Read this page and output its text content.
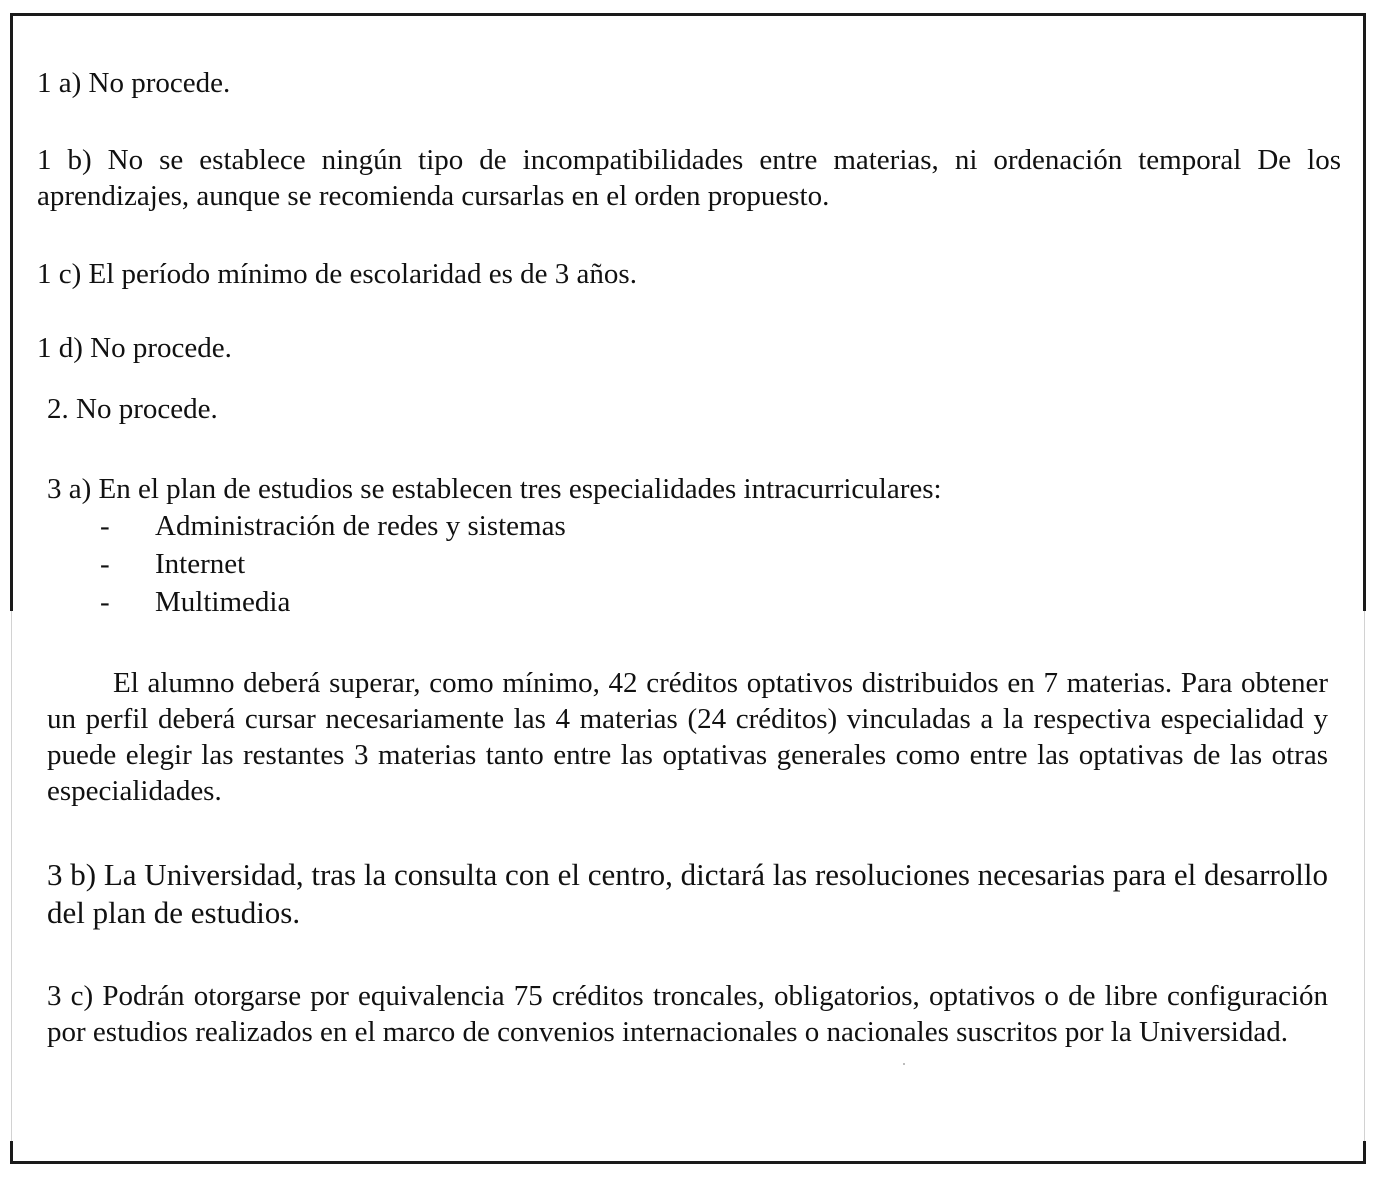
1 a) No procede.

1 b) No se establece ningún tipo de incompatibilidades entre materias, ni ordenación temporal De los aprendizajes, aunque se recomienda cursarlas en el orden propuesto.

1 c) El período mínimo de escolaridad es de 3 años.

1 d) No procede.

2. No procede.

3 a) En el plan de estudios se establecen tres especialidades intracurriculares:

-	Administración de redes y sistemas
-	Internet
-	Multimedia

El alumno deberá superar, como mínimo, 42 créditos optativos distribuidos en 7 materias. Para obtener un perfil deberá cursar necesariamente las 4 materias (24 créditos) vinculadas a la respectiva especialidad y puede elegir las restantes 3 materias tanto entre las optativas generales como entre las optativas de las otras especialidades.

3 b) La Universidad, tras la consulta con el centro, dictará las resoluciones necesarias para el desarrollo del plan de estudios.

3 c) Podrán otorgarse por equivalencia 75 créditos troncales, obligatorios, optativos o de libre configuración por estudios realizados en el marco de convenios internacionales o nacionales suscritos por la Universidad.
